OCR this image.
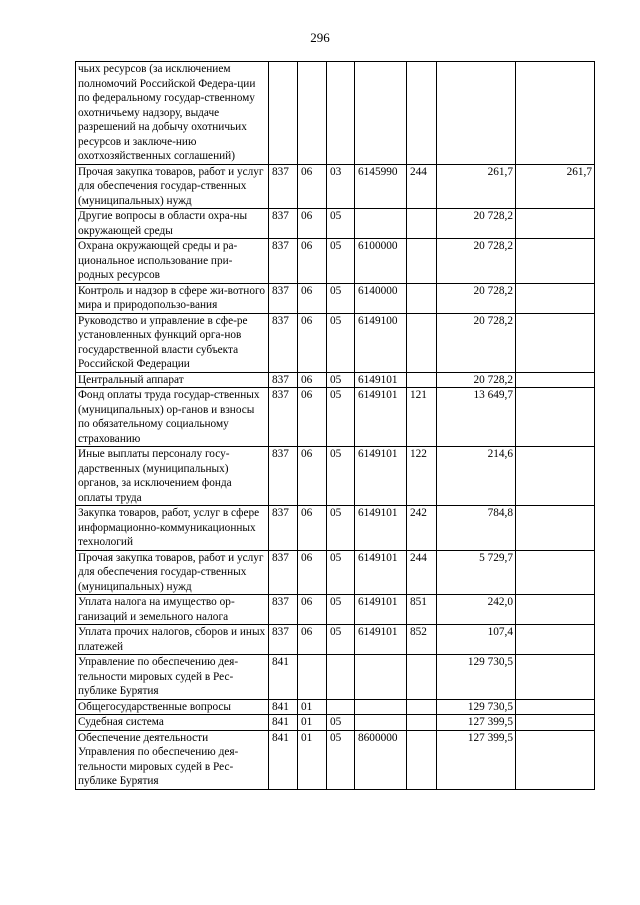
296
чьих ресурсов (за исключением полномочий Российской Федера-ции по федеральному государ-ственному охотничьему надзору, выдаче разрешений на добычу охотничьих ресурсов и заключе-нию охотхозяйственных соглашений)							
Прочая закупка товаров, работ и услуг для обеспечения государ-ственных (муниципальных) нужд	837	06	03	6145990	244	261,7	261,7
Другие вопросы в области охра-ны окружающей среды	837	06	05			20 728,2	
Охрана окружающей среды и ра-циональное использование при-родных ресурсов	837	06	05	6100000		20 728,2	
Контроль и надзор в сфере жи-вотного мира и природопользо-вания	837	06	05	6140000		20 728,2	
Руководство и управление в сфе-ре установленных функций орга-нов государственной власти субъекта Российской Федерации	837	06	05	6149100		20 728,2	
Центральный аппарат	837	06	05	6149101		20 728,2	
Фонд оплаты труда государ-ственных (муниципальных) ор-ганов и взносы по обязательному социальному страхованию	837	06	05	6149101	121	13 649,7	
Иные выплаты персоналу госу-дарственных (муниципальных) органов, за исключением фонда оплаты труда	837	06	05	6149101	122	214,6	
Закупка товаров, работ, услуг в сфере информационно-коммуникационных технологий	837	06	05	6149101	242	784,8	
Прочая закупка товаров, работ и услуг для обеспечения государ-ственных (муниципальных) нужд	837	06	05	6149101	244	5 729,7	
Уплата налога на имущество ор-ганизаций и земельного налога	837	06	05	6149101	851	242,0	
Уплата прочих налогов, сборов и иных платежей	837	06	05	6149101	852	107,4	
Управление по обеспечению дея-тельности мировых судей в Рес-публике Бурятия	841					129 730,5	
Общегосударственные вопросы	841	01				129 730,5	
Судебная система	841	01	05			127 399,5	
Обеспечение деятельности Управления по обеспечению дея-тельности мировых судей в Рес-публике Бурятия	841	01	05	8600000		127 399,5	
